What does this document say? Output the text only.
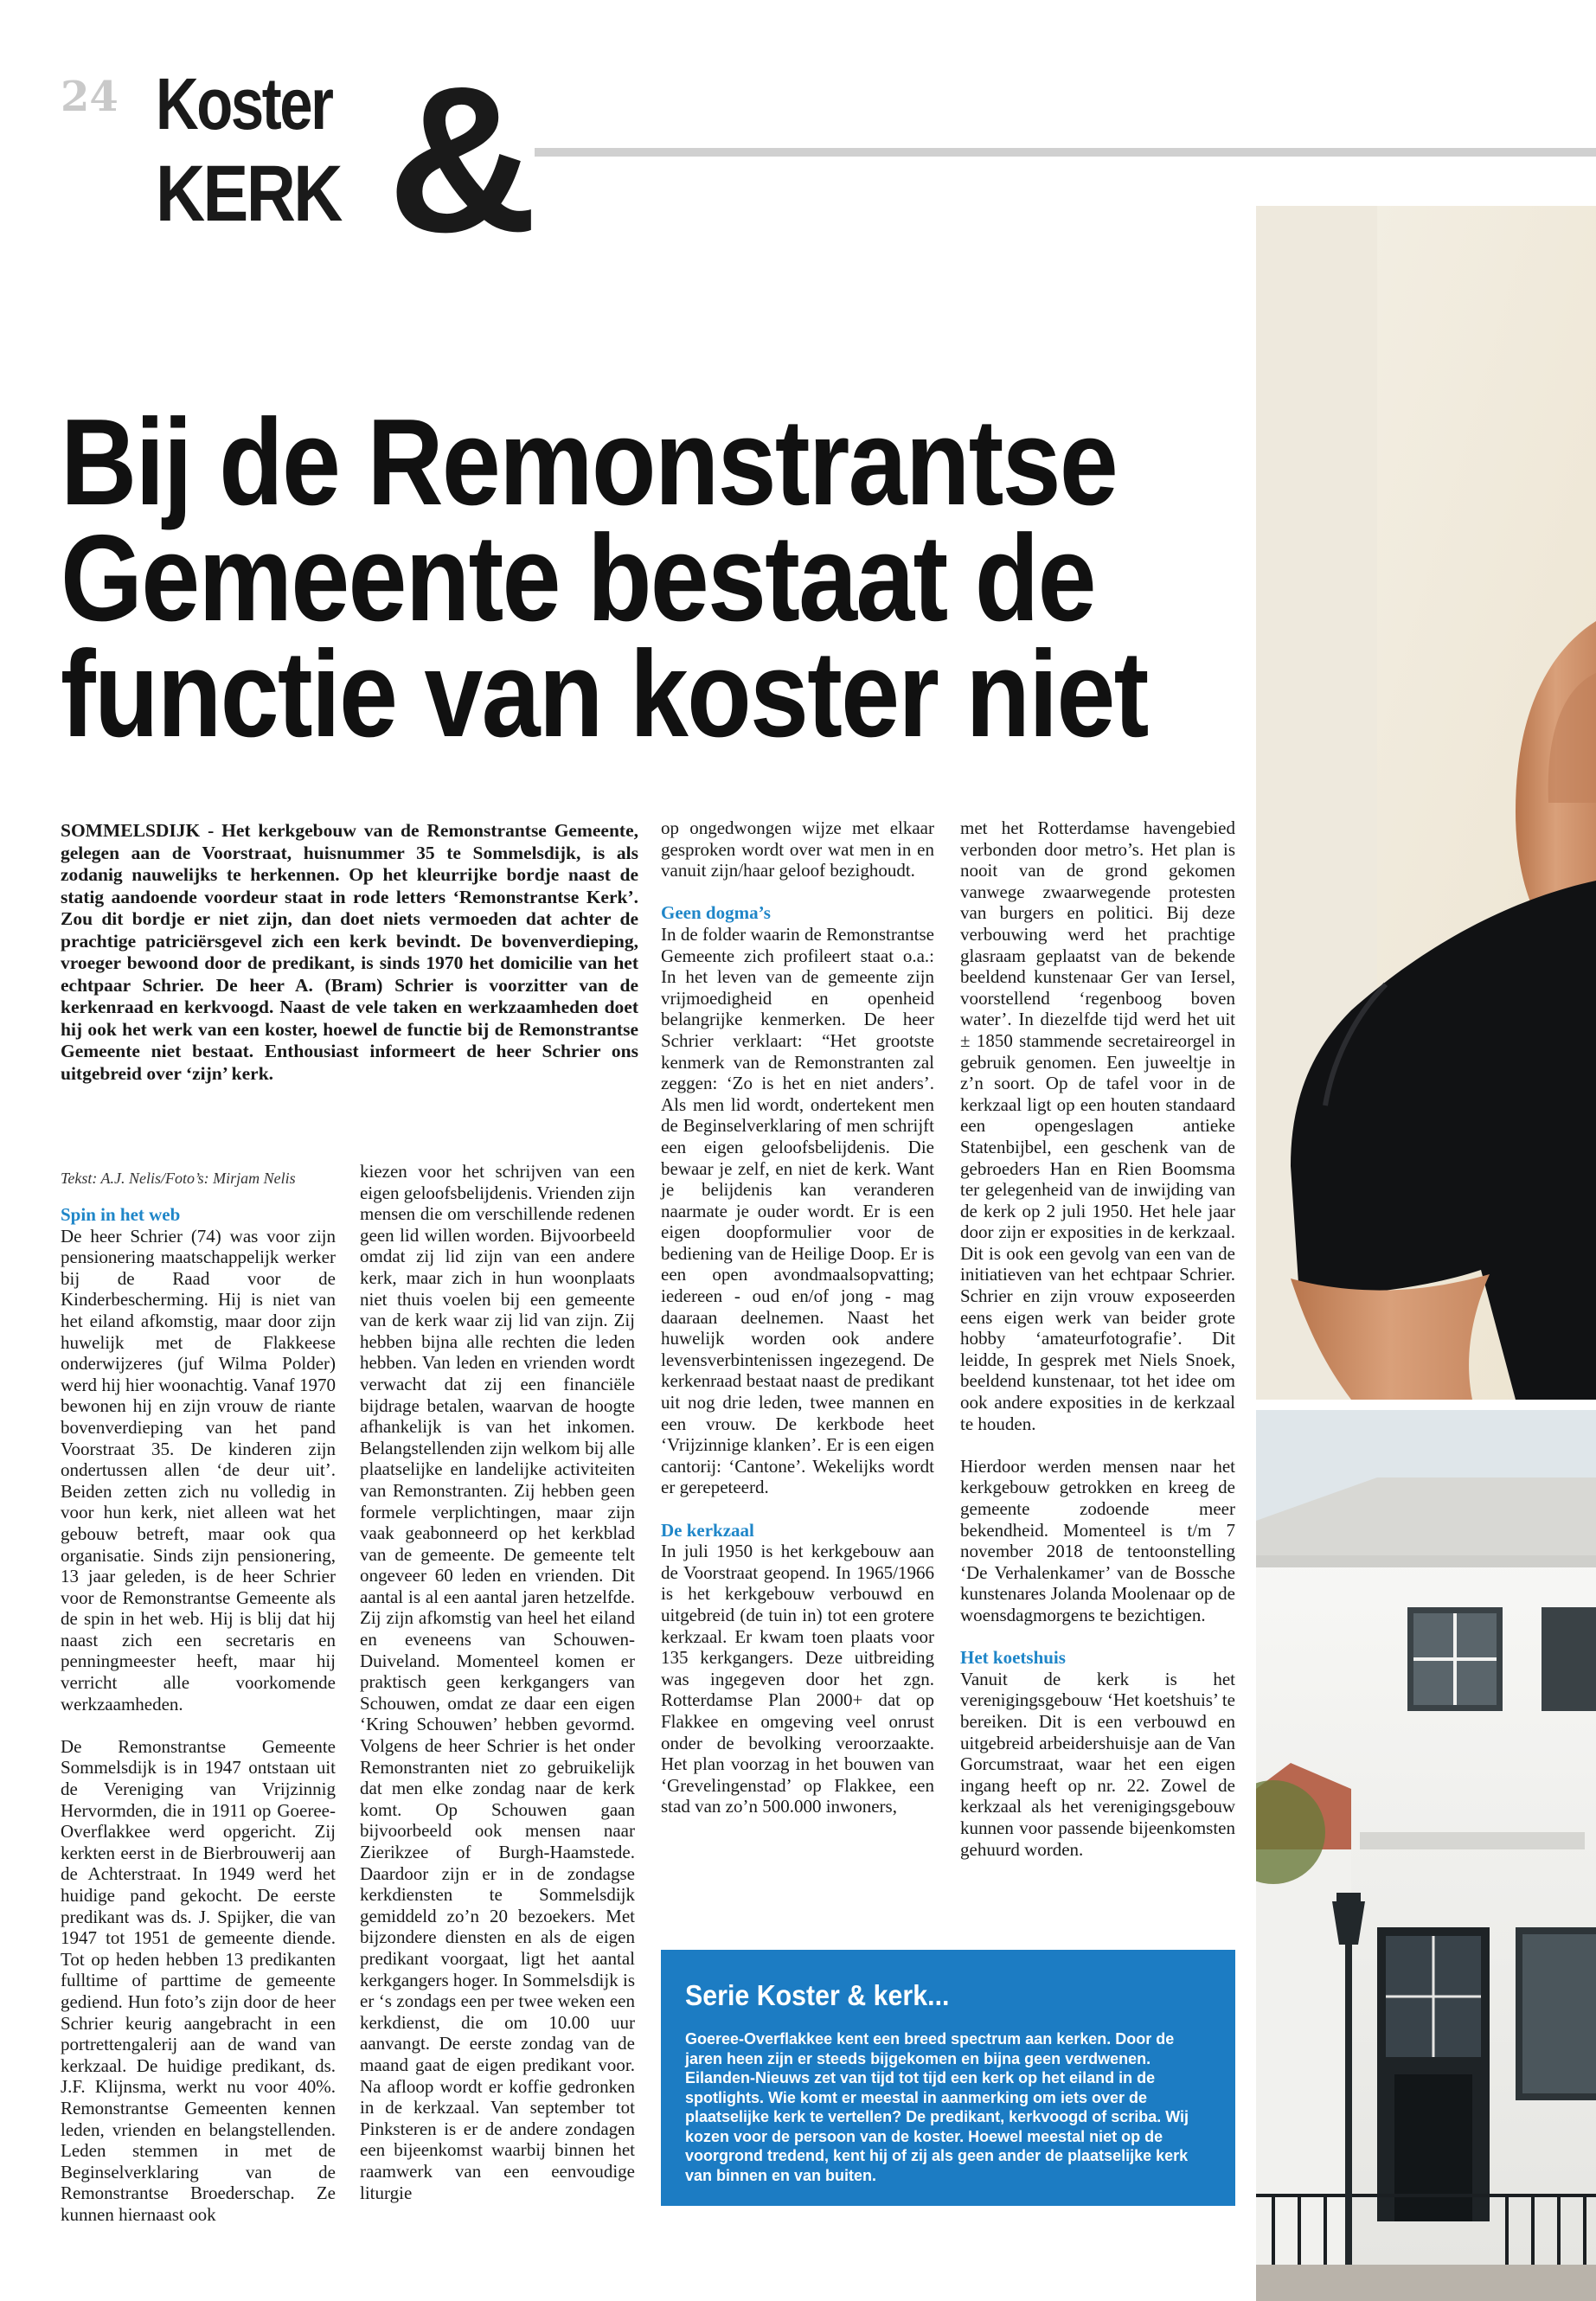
24 Koster
KERK &
Bij de Remonstrantse
Gemeente bestaat de
functie van koster niet
SOMMELSDIJK - Het kerkgebouw van de Remonstrantse Gemeente, gelegen aan de Voorstraat, huisnummer 35 te Sommelsdijk, is als zodanig nauwelijks te herkennen. Op het kleurrijke bordje naast de statig aandoende voordeur staat in rode letters ‘Remonstrantse Kerk’. Zou dit bordje er niet zijn, dan doet niets vermoeden dat achter de prachtige patriciërsgevel zich een kerk bevindt. De bovenverdieping, vroeger bewoond door de predikant, is sinds 1970 het domicilie van het echtpaar Schrier. De heer A. (Bram) Schrier is voorzitter van de kerkenraad en kerkvoogd. Naast de vele taken en werkzaamheden doet hij ook het werk van een koster, hoewel de functie bij de Remonstrantse Gemeente niet bestaat. Enthousiast informeert de heer Schrier ons uitgebreid over ‘zijn’ kerk.
Tekst: A.J. Nelis/Foto’s: Mirjam Nelis

Spin in het web

De heer Schrier (74) was voor zijn pensionering maatschappelijk werker bij de Raad voor de Kinderbescherming. Hij is niet van het eiland afkomstig, maar door zijn huwelijk met de Flakkeese onderwijzeres (juf Wilma Polder) werd hij hier woonachtig. Vanaf 1970 bewonen hij en zijn vrouw de riante bovenverdieping van het pand Voorstraat 35. De kinderen zijn ondertussen allen ‘de deur uit’. Beiden zetten zich nu volledig in voor hun kerk, niet alleen wat het gebouw betreft, maar ook qua organisatie. Sinds zijn pensionering, 13 jaar geleden, is de heer Schrier voor de Remonstrantse Gemeente als de spin in het web. Hij is blij dat hij naast zich een secretaris en penningmeester heeft, maar hij verricht alle voorkomende werkzaamheden.

De Remonstrantse Gemeente Sommelsdijk is in 1947 ontstaan uit de Vereniging van Vrijzinnig Hervormden, die in 1911 op Goeree-Overflakkee werd opgericht. Zij kerkten eerst in de Bierbrouwerij aan de Achterstraat. In 1949 werd het huidige pand gekocht. De eerste predikant was ds. J. Spijker, die van 1947 tot 1951 de gemeente diende. Tot op heden hebben 13 predikanten fulltime of parttime de gemeente gediend. Hun foto’s zijn door de heer Schrier keurig aangebracht in een portrettengalerij aan de wand van kerkzaal. De huidige predikant, ds. J.F. Klijnsma, werkt nu voor 40%. Remonstrantse Gemeenten kennen leden, vrienden en belangstellenden. Leden stemmen in met de Beginselverklaring van de Remonstrantse Broederschap. Ze kunnen hiernaast ook

kiezen voor het schrijven van een eigen geloofsbelijdenis. Vrienden zijn mensen die om verschillende redenen geen lid willen worden. Bijvoorbeeld omdat zij lid zijn van een andere kerk, maar zich in hun woonplaats niet thuis voelen bij een gemeente van de kerk waar zij lid van zijn. Zij hebben bijna alle rechten die leden hebben. Van leden en vrienden wordt verwacht dat zij een financiële bijdrage betalen, waarvan de hoogte afhankelijk is van het inkomen. Belangstellenden zijn welkom bij alle plaatselijke en landelijke activiteiten van Remonstranten. Zij hebben geen formele verplichtingen, maar zijn vaak geabonneerd op het kerkblad van de gemeente. De gemeente telt ongeveer 60 leden en vrienden. Dit aantal is al een aantal jaren hetzelfde. Zij zijn afkomstig van heel het eiland en eveneens van Schouwen-Duiveland. Momenteel komen er praktisch geen kerkgangers van Schouwen, omdat ze daar een eigen ‘Kring Schouwen’ hebben gevormd. Volgens de heer Schrier is het onder Remonstranten niet zo gebruikelijk dat men elke zondag naar de kerk komt. Op Schouwen gaan bijvoorbeeld ook mensen naar Zierikzee of Burgh-Haamstede. Daardoor zijn er in de zondagse kerkdiensten te Sommelsdijk gemiddeld zo’n 20 bezoekers. Met bijzondere diensten en als de eigen predikant voorgaat, ligt het aantal kerkgangers hoger. In Sommelsdijk is er ‘s zondags een per twee weken een kerkdienst, die om 10.00 uur aanvangt. De eerste zondag van de maand gaat de eigen predikant voor. Na afloop wordt er koffie gedronken in de kerkzaal. Van september tot Pinksteren is er de andere zondagen een bijeenkomst waarbij binnen het raamwerk van een eenvoudige liturgie

op ongedwongen wijze met elkaar gesproken wordt over wat men in en vanuit zijn/haar geloof bezighoudt.

Geen dogma’s

In de folder waarin de Remonstrantse Gemeente zich profileert staat o.a.: In het leven van de gemeente zijn vrijmoedigheid en openheid belangrijke kenmerken. De heer Schrier verklaart: “Het grootste kenmerk van de Remonstranten zal zeggen: ‘Zo is het en niet anders’. Als men lid wordt, ondertekent men de Beginselverklaring of men schrijft een eigen geloofsbelijdenis. Die bewaar je zelf, en niet de kerk. Want je belijdenis kan veranderen naarmate je ouder wordt. Er is een eigen doopformulier voor de bediening van de Heilige Doop. Er is een open avondmaalsopvatting; iedereen - oud en/of jong - mag daaraan deelnemen. Naast het huwelijk worden ook andere levensverbintenissen ingezegend. De kerkenraad bestaat naast de predikant uit nog drie leden, twee mannen en een vrouw. De kerkbode heet ‘Vrijzinnige klanken’. Er is een eigen cantorij: ‘Cantone’. Wekelijks wordt er gerepeteerd.

De kerkzaal

In juli 1950 is het kerkgebouw aan de Voorstraat geopend. In 1965/1966 is het kerkgebouw verbouwd en uitgebreid (de tuin in) tot een grotere kerkzaal. Er kwam toen plaats voor 135 kerkgangers. Deze uitbreiding was ingegeven door het zgn. Rotterdamse Plan 2000+ dat op Flakkee en omgeving veel onrust onder de bevolking veroorzaakte. Het plan voorzag in het bouwen van ‘Grevelingenstad’ op Flakkee, een stad van zo’n 500.000 inwoners,

met het Rotterdamse havengebied verbonden door metro’s. Het plan is nooit van de grond gekomen vanwege zwaarwegende protesten van burgers en politici. Bij deze verbouwing werd het prachtige glasraam geplaatst van de bekende beeldend kunstenaar Ger van Iersel, voorstellend ‘regenboog boven water’. In diezelfde tijd werd het uit ± 1850 stammende secretaireorgel in gebruik genomen. Een juweeltje in z’n soort. Op de tafel voor in de kerkzaal ligt op een houten standaard een opengeslagen antieke Statenbijbel, een geschenk van de gebroeders Han en Rien Boomsma ter gelegenheid van de inwijding van de kerk op 2 juli 1950. Het hele jaar door zijn er exposities in de kerkzaal. Dit is ook een gevolg van een van de initiatieven van het echtpaar Schrier. Schrier en zijn vrouw exposeerden eens eigen werk van beider grote hobby ‘amateurfotografie’. Dit leidde, In gesprek met Niels Snoek, beeldend kunstenaar, tot het idee om ook andere exposities in de kerkzaal te houden.

Hierdoor werden mensen naar het kerkgebouw getrokken en kreeg de gemeente zodoende meer bekendheid. Momenteel is t/m 7 november 2018 de tentoonstelling ‘De Verhalenkamer’ van de Bossche kunstenares Jolanda Moolenaar op de woensdagmorgens te bezichtigen.

Het koetshuis

Vanuit de kerk is het verenigingsgebouw ‘Het koetshuis’ te bereiken. Dit is een verbouwd en uitgebreid arbeidershuisje aan de Van Gorcumstraat, waar het een eigen ingang heeft op nr. 22. Zowel de kerkzaal als het verenigingsgebouw kunnen voor passende bijeenkomsten gehuurd worden.

Serie Koster & kerk...
Goeree-Overflakkee kent een breed spectrum aan kerken. Door de jaren heen zijn er steeds bijgekomen en bijna geen verdwenen. Eilanden-Nieuws zet van tijd tot tijd een kerk op het eiland in de spotlights. Wie komt er meestal in aanmerking om iets over de plaatselijke kerk te vertellen? De predikant, kerkvoogd of scriba. Wij kozen voor de persoon van de koster. Hoewel meestal niet op de voorgrond tredend, kent hij of zij als geen ander de plaatselijke kerk van binnen en van buiten.
